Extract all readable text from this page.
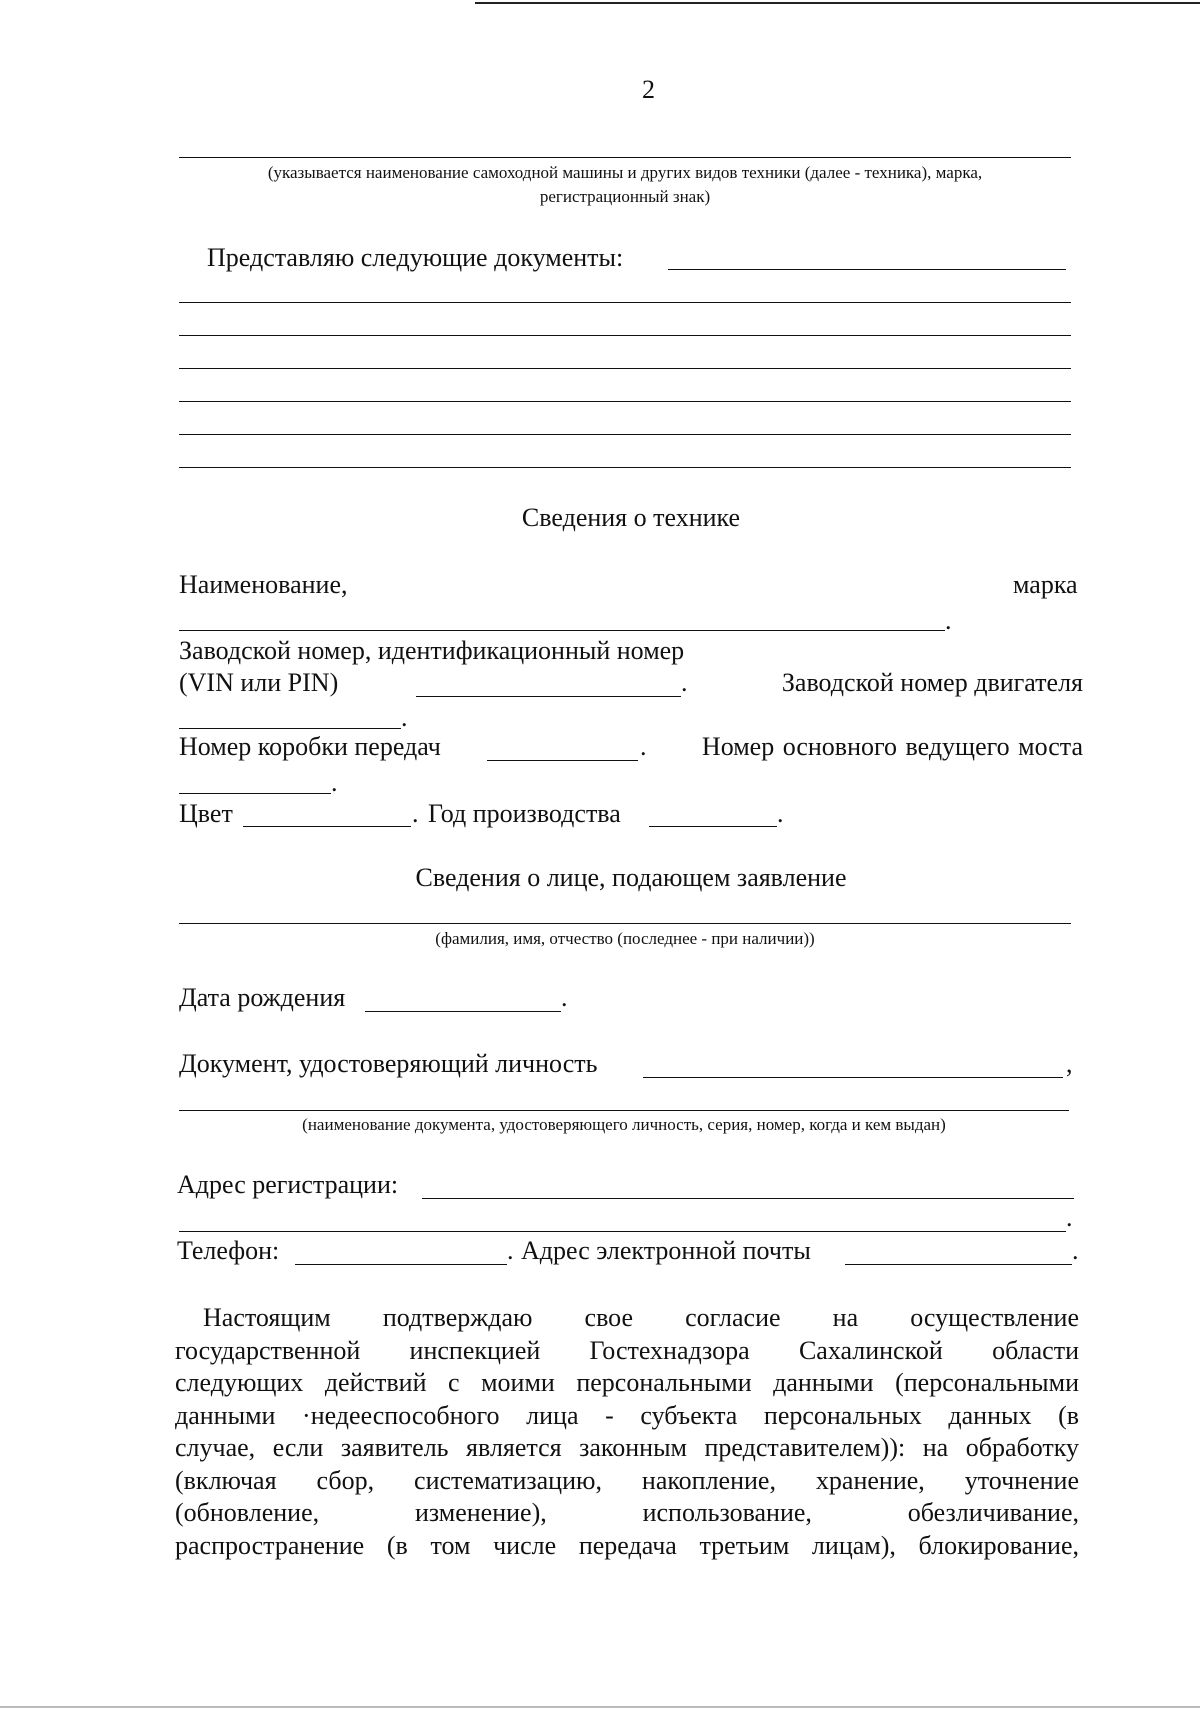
2
(указывается наименование самоходной машины и других видов техники (далее - техника), марка,
регистрационный знак)
Представляю следующие документы:
Сведения о технике
Наименование,	марка
.
Заводской номер, идентификационный номер
(VIN или PIN)	.	Заводской номер двигателя
.
Номер коробки передач	.	Номер основного ведущего моста
.
Цвет	. Год производства	.
Сведения о лице, подающем заявление
(фамилия, имя, отчество (последнее - при наличии))
Дата рождения	.
Документ, удостоверяющий личность	,
(наименование документа, удостоверяющего личность, серия, номер, когда и кем выдан)
Адрес регистрации:
.
Телефон:	. Адрес электронной почты	.
Настоящим подтверждаю свое согласие на осуществление
государственной инспекцией Гостехнадзора Сахалинской области
следующих действий с моими персональными данными (персональными
данными ·недееспособного лица - субъекта персональных данных (в
случае, если заявитель является законным представителем)): на обработку
(включая сбор, систематизацию, накопление, хранение, уточнение
(обновление, изменение), использование, обезличивание,
распространение (в том числе передача третьим лицам), блокирование,
